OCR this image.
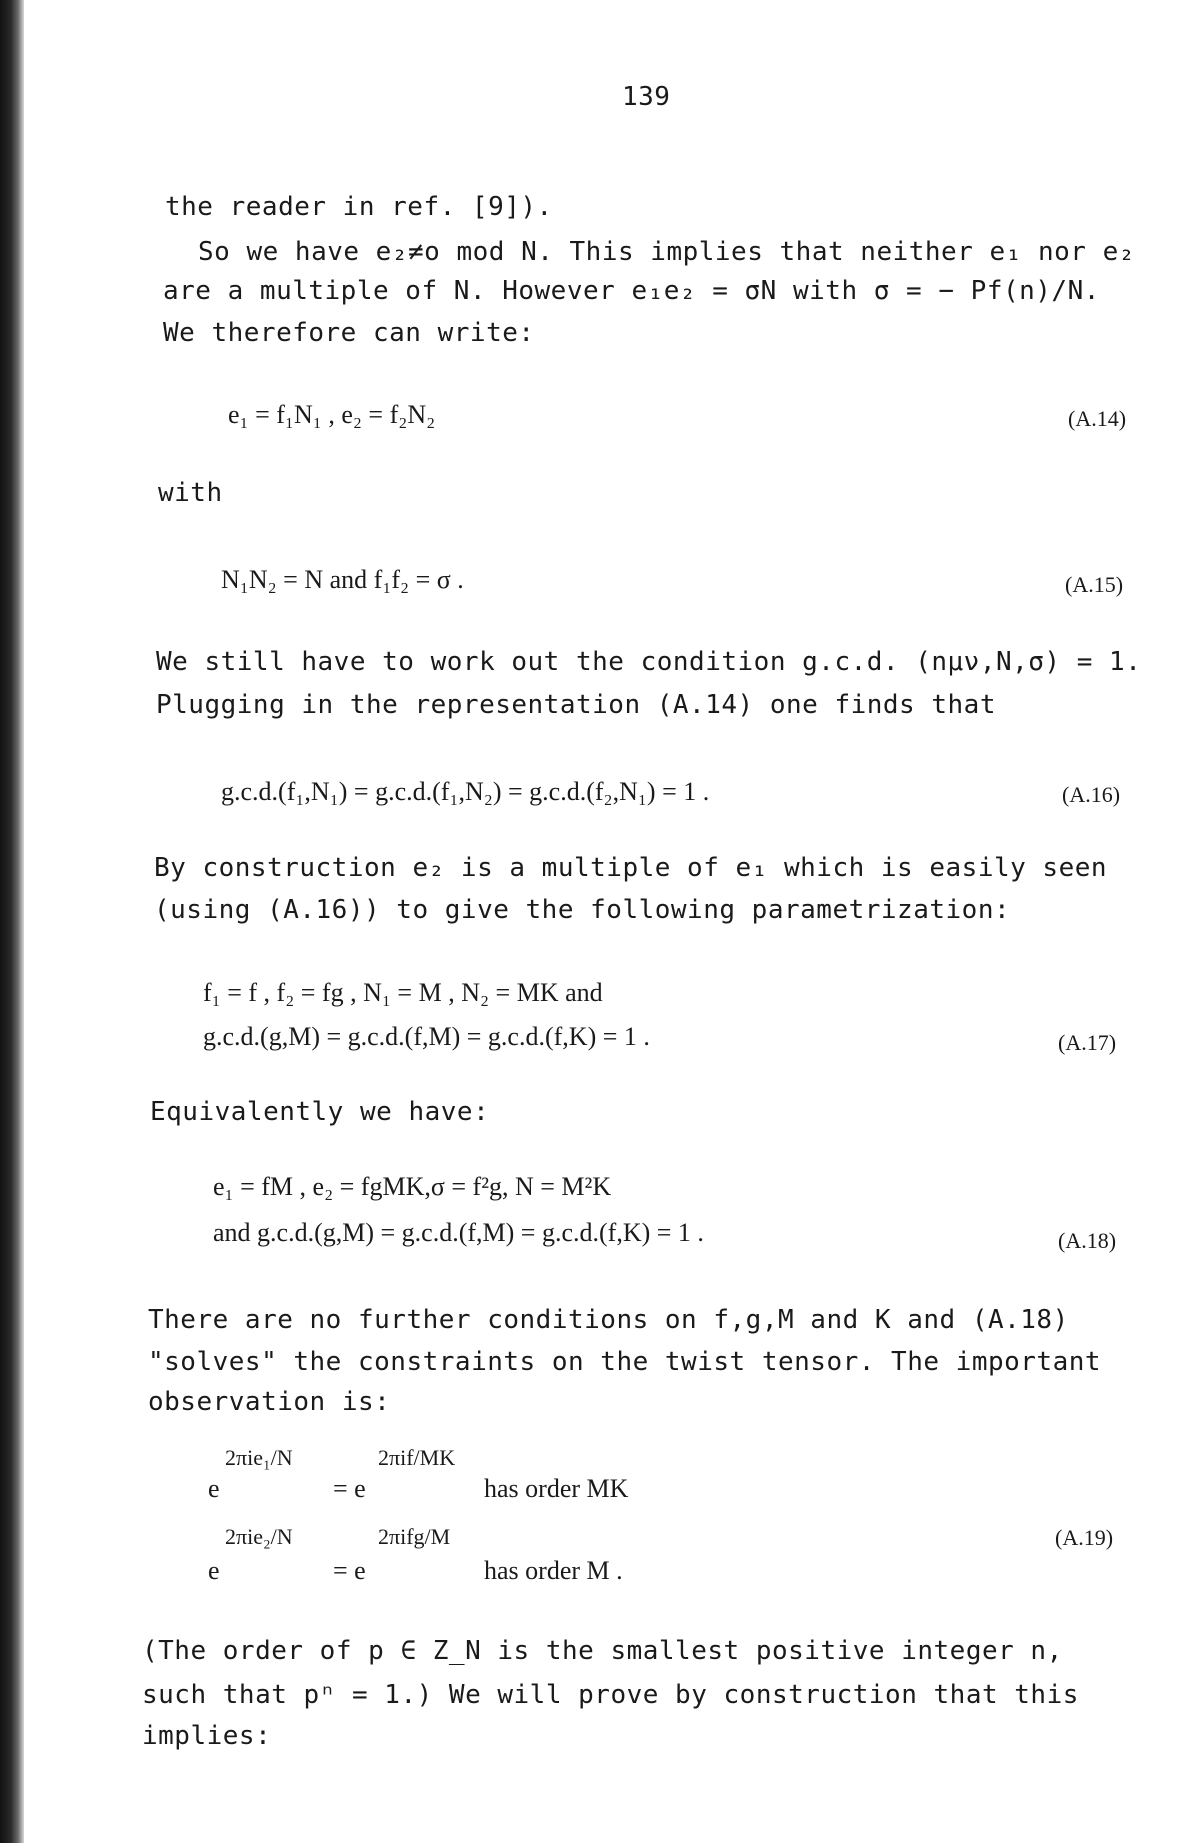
139
the reader in ref. [9]).
So we have e₂≠o mod N. This implies that neither e₁ nor e₂
are a multiple of N. However e₁e₂ = σN with σ = − Pf(n)/N.
We therefore can write:
e₁ = f₁N₁ , e₂ = f₂N₂	(A.14)
with
N₁N₂ = N and f₁f₂ = σ .	(A.15)
We still have to work out the condition g.c.d. (nμν,N,σ) = 1.
Plugging in the representation (A.14) one finds that
g.c.d.(f₁,N₁) = g.c.d.(f₁,N₂) = g.c.d.(f₂,N₁) = 1 .	(A.16)
By construction e₂ is a multiple of e₁ which is easily seen
(using (A.16)) to give the following parametrization:
f₁ = f , f₂ = fg , N₁ = M , N₂ = MK and
g.c.d.(g,M) = g.c.d.(f,M) = g.c.d.(f,K) = 1 .	(A.17)
Equivalently we have:
e₁ = fM , e₂ = fgMK,σ = f²g, N = M²K
and g.c.d.(g,M) = g.c.d.(f,M) = g.c.d.(f,K) = 1 .	(A.18)
There are no further conditions on f,g,M and K and (A.18)
"solves" the constraints on the twist tensor. The important
observation is:
2πie₁/N	2πif/MK
e	= e	has order MK
2πie₂/N	2πifg/M
e	= e	has order M .
(A.19)
(The order of p ∈ Z_N is the smallest positive integer n,
such that pⁿ = 1.) We will prove by construction that this
implies:
